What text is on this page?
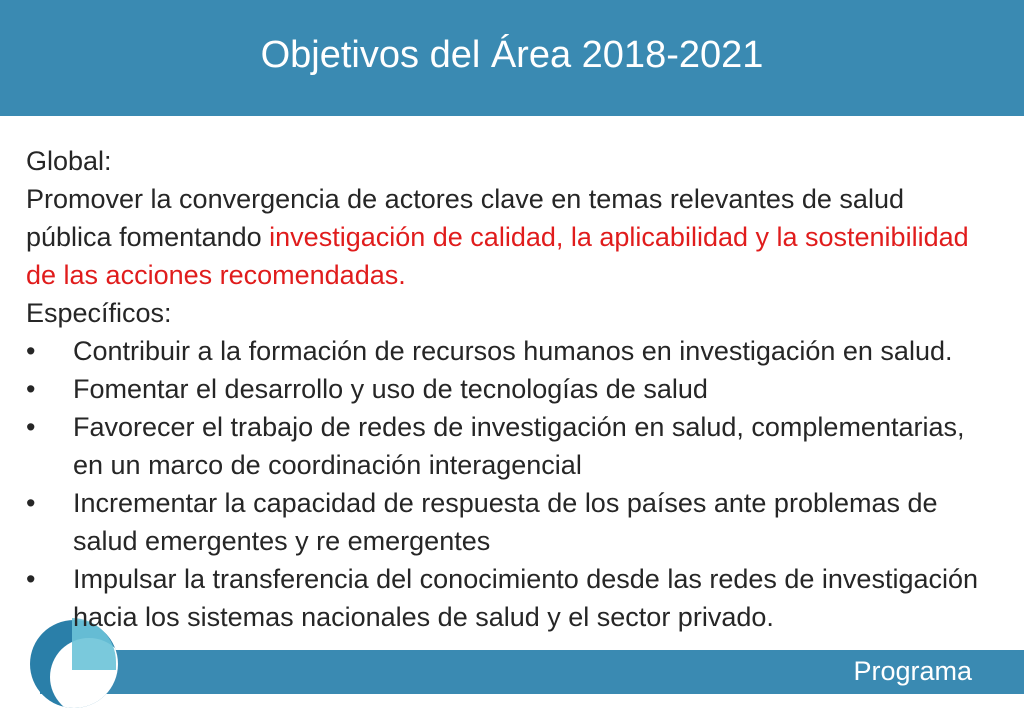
Objetivos del Área 2018-2021

Global:

Promover la convergencia de actores clave en temas relevantes de salud pública fomentando investigación de calidad, la aplicabilidad y la sostenibilidad de las acciones recomendadas.

Específicos:

• Contribuir a la formación de recursos humanos en investigación en salud.
• Fomentar el desarrollo y uso de tecnologías de salud
• Favorecer el trabajo de redes de investigación en salud, complementarias, en un marco de coordinación interagencial
• Incrementar la capacidad de respuesta de los países ante problemas de salud emergentes y re emergentes
• Impulsar la transferencia del conocimiento desde las redes de investigación hacia los sistemas nacionales de salud y el sector privado.
Programa
